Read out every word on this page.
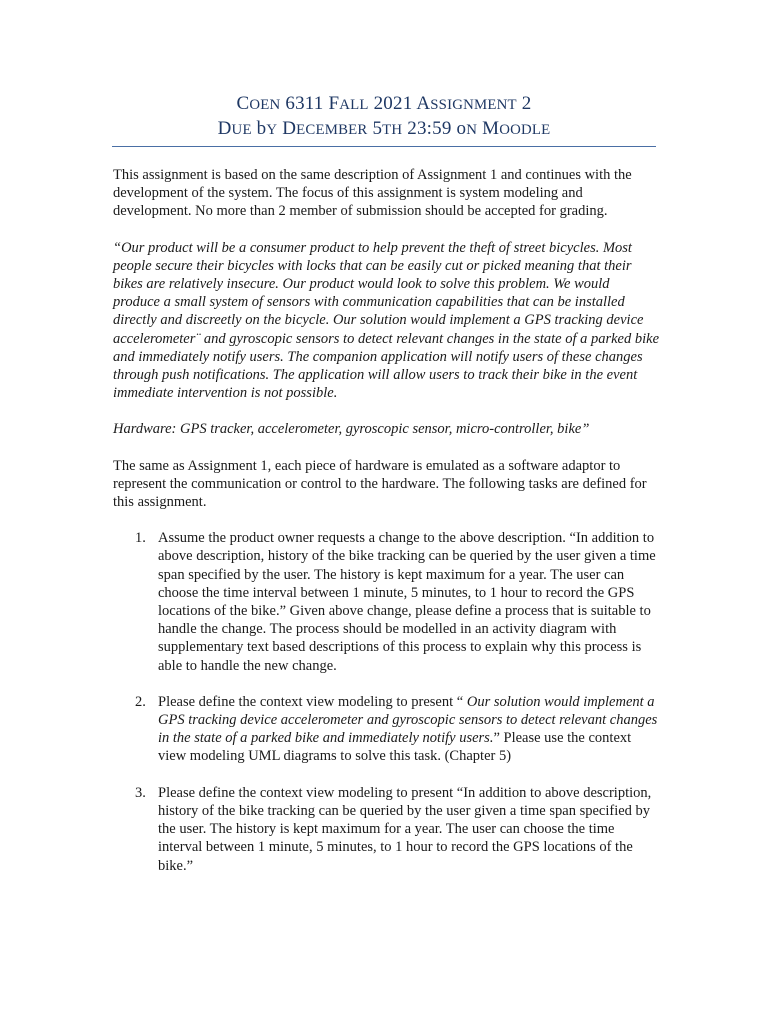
COEN 6311 FALL 2021 ASSIGNMENT 2
DUE bY DECEMBER 5TH 23:59 oN MOODLE

This assignment is based on the same description of Assignment 1 and continues with the development of the system. The focus of this assignment is system modeling and development. No more than 2 member of submission should be accepted for grading.

“Our product will be a consumer product to help prevent the theft of street bicycles. Most people secure their bicycles with locks that can be easily cut or picked meaning that their bikes are relatively insecure. Our product would look to solve this problem. We would produce a small system of sensors with communication capabilities that can be installed directly and discreetly on the bicycle. Our solution would implement a GPS tracking device accelerometer¨ and gyroscopic sensors to detect relevant changes in the state of a parked bike and immediately notify users. The companion application will notify users of these changes through push notifications. The application will allow users to track their bike in the event immediate intervention is not possible.

Hardware: GPS tracker, accelerometer, gyroscopic sensor, micro-controller, bike”

The same as Assignment 1, each piece of hardware is emulated as a software adaptor to represent the communication or control to the hardware. The following tasks are defined for this assignment.

1. Assume the product owner requests a change to the above description. “In addition to above description, history of the bike tracking can be queried by the user given a time span specified by the user. The history is kept maximum for a year. The user can choose the time interval between 1 minute, 5 minutes, to 1 hour to record the GPS locations of the bike.” Given above change, please define a process that is suitable to handle the change. The process should be modelled in an activity diagram with supplementary text based descriptions of this process to explain why this process is able to handle the new change.
2. Please define the context view modeling to present “ Our solution would implement a GPS tracking device accelerometer and gyroscopic sensors to detect relevant changes in the state of a parked bike and immediately notify users.” Please use the context view modeling UML diagrams to solve this task. (Chapter 5)
3. Please define the context view modeling to present “In addition to above description, history of the bike tracking can be queried by the user given a time span specified by the user. The history is kept maximum for a year. The user can choose the time interval between 1 minute, 5 minutes, to 1 hour to record the GPS locations of the bike.”
